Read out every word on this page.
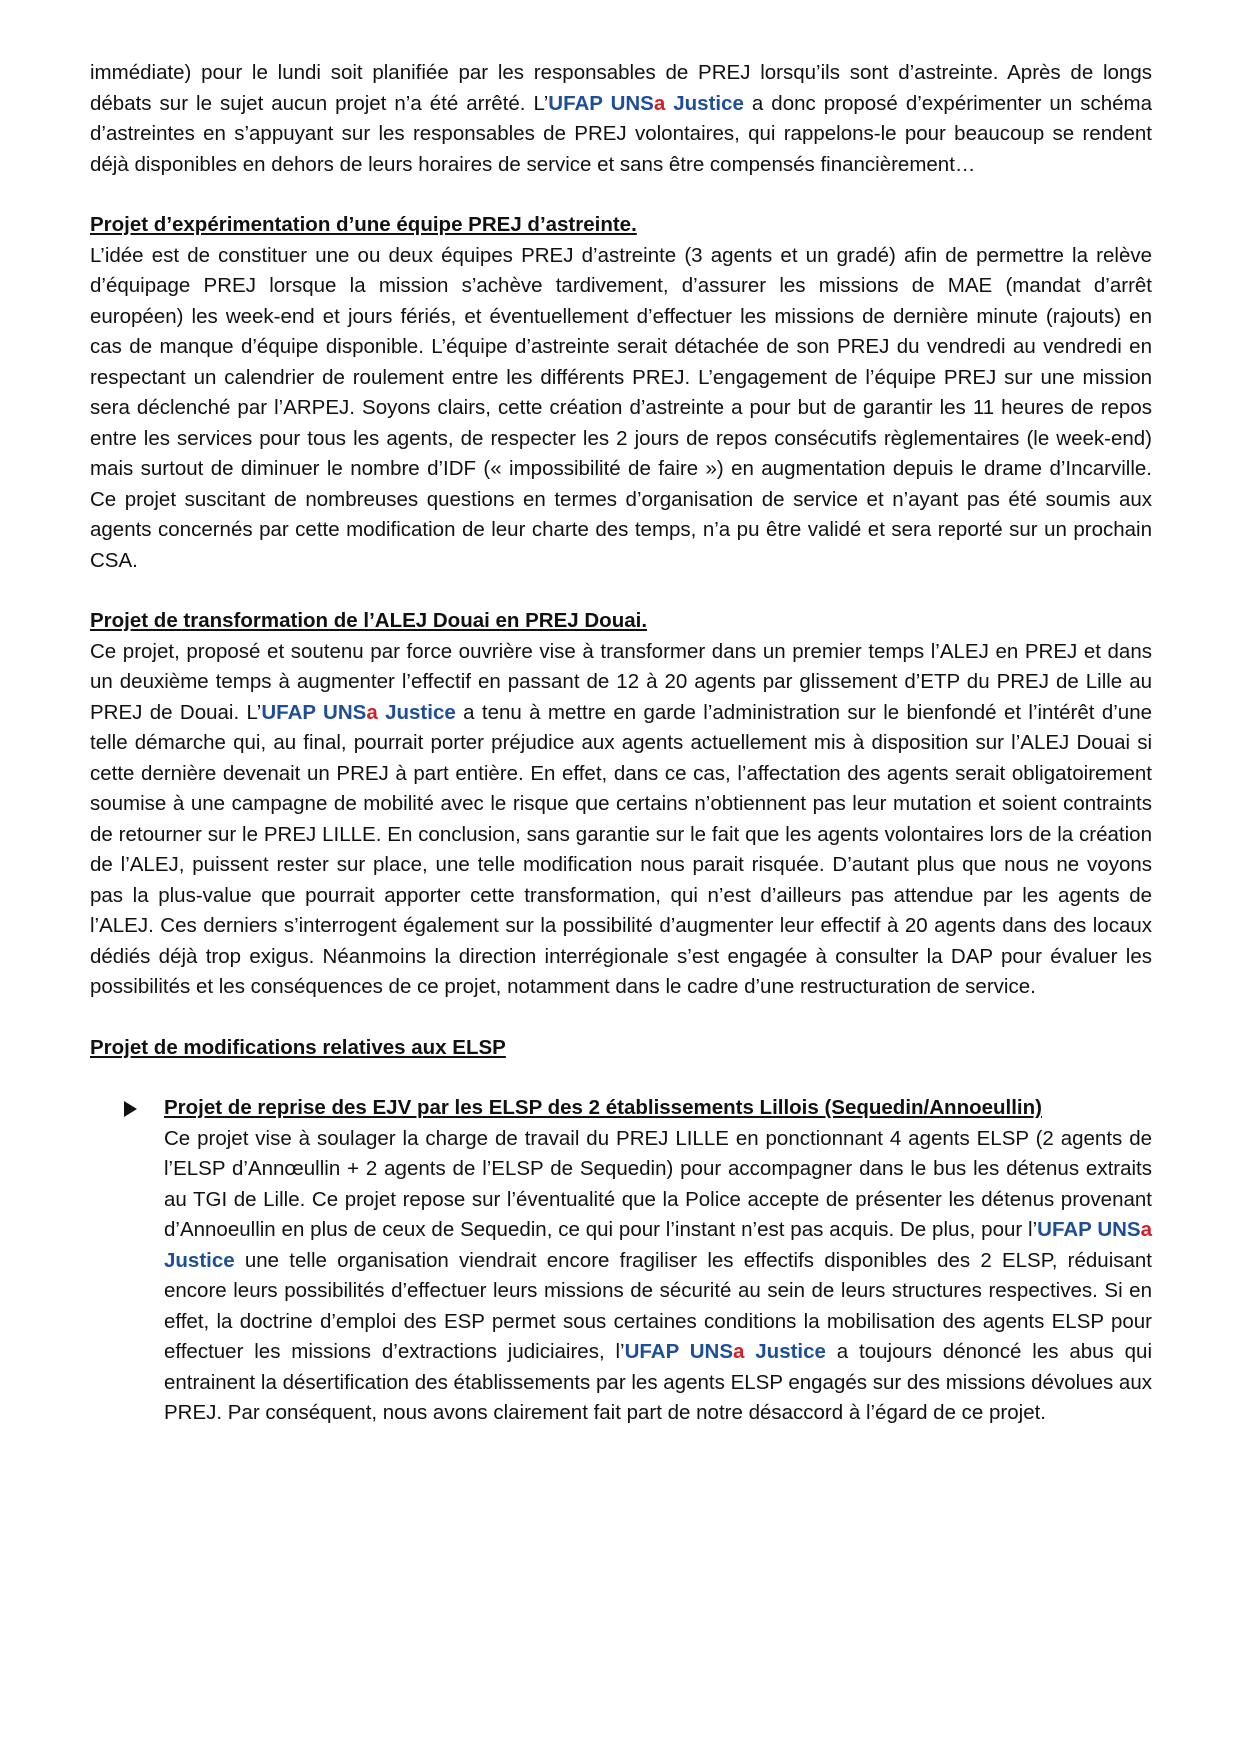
immédiate) pour le lundi soit planifiée par les responsables de PREJ lorsqu’ils sont d’astreinte. Après de longs débats sur le sujet aucun projet n’a été arrêté. L’UFAP UNSa Justice a donc proposé d’expérimenter un schéma d’astreintes en s’appuyant sur les responsables de PREJ volontaires, qui rappelons-le pour beaucoup se rendent déjà disponibles en dehors de leurs horaires de service et sans être compensés financièrement…

Projet d’expérimentation d’une équipe PREJ d’astreinte.

L’idée est de constituer une ou deux équipes PREJ d’astreinte (3 agents et un gradé) afin de permettre la relève d’équipage PREJ lorsque la mission s’achève tardivement, d’assurer les missions de MAE (mandat d’arrêt européen) les week-end et jours fériés, et éventuellement d’effectuer les missions de dernière minute (rajouts) en cas de manque d’équipe disponible. L’équipe d’astreinte serait détachée de son PREJ du vendredi au vendredi en respectant un calendrier de roulement entre les différents PREJ. L’engagement de l’équipe PREJ sur une mission sera déclenché par l’ARPEJ. Soyons clairs, cette création d’astreinte a pour but de garantir les 11 heures de repos entre les services pour tous les agents, de respecter les 2 jours de repos consécutifs règlementaires (le week-end) mais surtout de diminuer le nombre d’IDF (« impossibilité de faire ») en augmentation depuis le drame d’Incarville. Ce projet suscitant de nombreuses questions en termes d’organisation de service et n’ayant pas été soumis aux agents concernés par cette modification de leur charte des temps, n’a pu être validé et sera reporté sur un prochain CSA.

Projet de transformation de l’ALEJ Douai en PREJ Douai.

Ce projet, proposé et soutenu par force ouvrière vise à transformer dans un premier temps l’ALEJ en PREJ et dans un deuxième temps à augmenter l’effectif en passant de 12 à 20 agents par glissement d’ETP du PREJ de Lille au PREJ de Douai. L’UFAP UNSa Justice a tenu à mettre en garde l’administration sur le bienfondé et l’intérêt d’une telle démarche qui, au final, pourrait porter préjudice aux agents actuellement mis à disposition sur l’ALEJ Douai si cette dernière devenait un PREJ à part entière. En effet, dans ce cas, l’affectation des agents serait obligatoirement soumise à une campagne de mobilité avec le risque que certains n’obtiennent pas leur mutation et soient contraints de retourner sur le PREJ LILLE. En conclusion, sans garantie sur le fait que les agents volontaires lors de la création de l’ALEJ, puissent rester sur place, une telle modification nous parait risquée. D’autant plus que nous ne voyons pas la plus-value que pourrait apporter cette transformation, qui n’est d’ailleurs pas attendue par les agents de l’ALEJ. Ces derniers s’interrogent également sur la possibilité d’augmenter leur effectif à 20 agents dans des locaux dédiés déjà trop exigus. Néanmoins la direction interrégionale s’est engagée à consulter la DAP pour évaluer les possibilités et les conséquences de ce projet, notamment dans le cadre d’une restructuration de service.

Projet de modifications relatives aux ELSP

Projet de reprise des EJV par les ELSP des 2 établissements Lillois (Sequedin/Annoeullin)

Ce projet vise à soulager la charge de travail du PREJ LILLE en ponctionnant 4 agents ELSP (2 agents de l’ELSP d’Annœullin + 2 agents de l’ELSP de Sequedin) pour accompagner dans le bus les détenus extraits au TGI de Lille. Ce projet repose sur l’éventualité que la Police accepte de présenter les détenus provenant d’Annoeullin en plus de ceux de Sequedin, ce qui pour l’instant n’est pas acquis. De plus, pour l’UFAP UNSa Justice une telle organisation viendrait encore fragiliser les effectifs disponibles des 2 ELSP, réduisant encore leurs possibilités d’effectuer leurs missions de sécurité au sein de leurs structures respectives. Si en effet, la doctrine d’emploi des ESP permet sous certaines conditions la mobilisation des agents ELSP pour effectuer les missions d’extractions judiciaires, l’UFAP UNSa Justice a toujours dénoncé les abus qui entrainent la désertification des établissements par les agents ELSP engagés sur des missions dévolues aux PREJ. Par conséquent, nous avons clairement fait part de notre désaccord à l’égard de ce projet.
